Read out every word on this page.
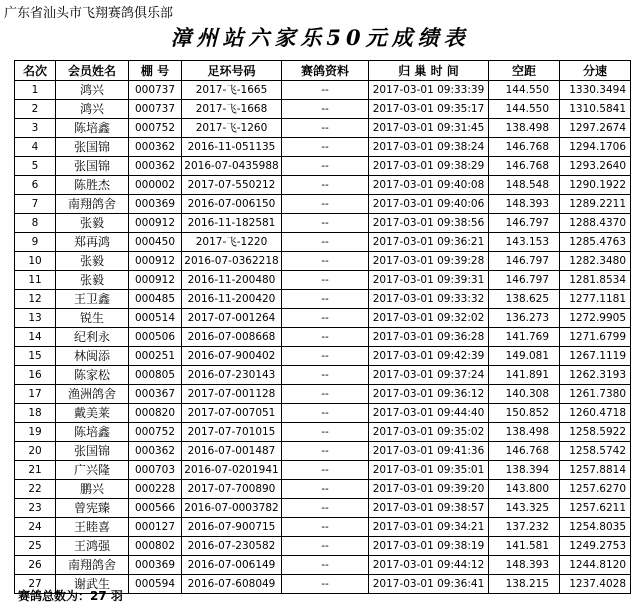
广东省汕头市飞翔赛鸽俱乐部
漳州站六家乐50元成绩表
名次	会员姓名	棚 号	足环号码	赛鸽资料	归 巢 时 间	空距	分速
1	鸿兴	000737	2017-飞-1665	--	2017-03-01 09:33:39	144.550	1330.3494
2	鸿兴	000737	2017-飞-1668	--	2017-03-01 09:35:17	144.550	1310.5841
3	陈培鑫	000752	2017-飞-1260	--	2017-03-01 09:31:45	138.498	1297.2674
4	张国锦	000362	2016-11-051135	--	2017-03-01 09:38:24	146.768	1294.1706
5	张国锦	000362	2016-07-0435988	--	2017-03-01 09:38:29	146.768	1293.2640
6	陈胜杰	000002	2017-07-550212	--	2017-03-01 09:40:08	148.548	1290.1922
7	南翔鸽舍	000369	2016-07-006150	--	2017-03-01 09:40:06	148.393	1289.2211
8	张毅	000912	2016-11-182581	--	2017-03-01 09:38:56	146.797	1288.4370
9	郑再鸿	000450	2017-飞-1220	--	2017-03-01 09:36:21	143.153	1285.4763
10	张毅	000912	2016-07-0362218	--	2017-03-01 09:39:28	146.797	1282.3480
11	张毅	000912	2016-11-200480	--	2017-03-01 09:39:31	146.797	1281.8534
12	王卫鑫	000485	2016-11-200420	--	2017-03-01 09:33:32	138.625	1277.1181
13	锐生	000514	2017-07-001264	--	2017-03-01 09:32:02	136.273	1272.9905
14	纪利永	000506	2016-07-008668	--	2017-03-01 09:36:28	141.769	1271.6799
15	林闽添	000251	2016-07-900402	--	2017-03-01 09:42:39	149.081	1267.1119
16	陈家松	000805	2016-07-230143	--	2017-03-01 09:37:24	141.891	1262.3193
17	渔洲鸽舍	000367	2017-07-001128	--	2017-03-01 09:36:12	140.308	1261.7380
18	戴美莱	000820	2017-07-007051	--	2017-03-01 09:44:40	150.852	1260.4718
19	陈培鑫	000752	2017-07-701015	--	2017-03-01 09:35:02	138.498	1258.5922
20	张国锦	000362	2016-07-001487	--	2017-03-01 09:41:36	146.768	1258.5742
21	广兴隆	000703	2016-07-0201941	--	2017-03-01 09:35:01	138.394	1257.8814
22	鹏兴	000228	2017-07-700890	--	2017-03-01 09:39:20	143.800	1257.6270
23	曾宪臻	000566	2016-07-0003782	--	2017-03-01 09:38:57	143.325	1257.6211
24	王睦喜	000127	2016-07-900715	--	2017-03-01 09:34:21	137.232	1254.8035
25	王鸿强	000802	2016-07-230582	--	2017-03-01 09:38:19	141.581	1249.2753
26	南翔鸽舍	000369	2016-07-006149	--	2017-03-01 09:44:12	148.393	1244.8120
27	谢武生	000594	2016-07-608049	--	2017-03-01 09:36:41	138.215	1237.4028
赛鸽总数为：27 羽
